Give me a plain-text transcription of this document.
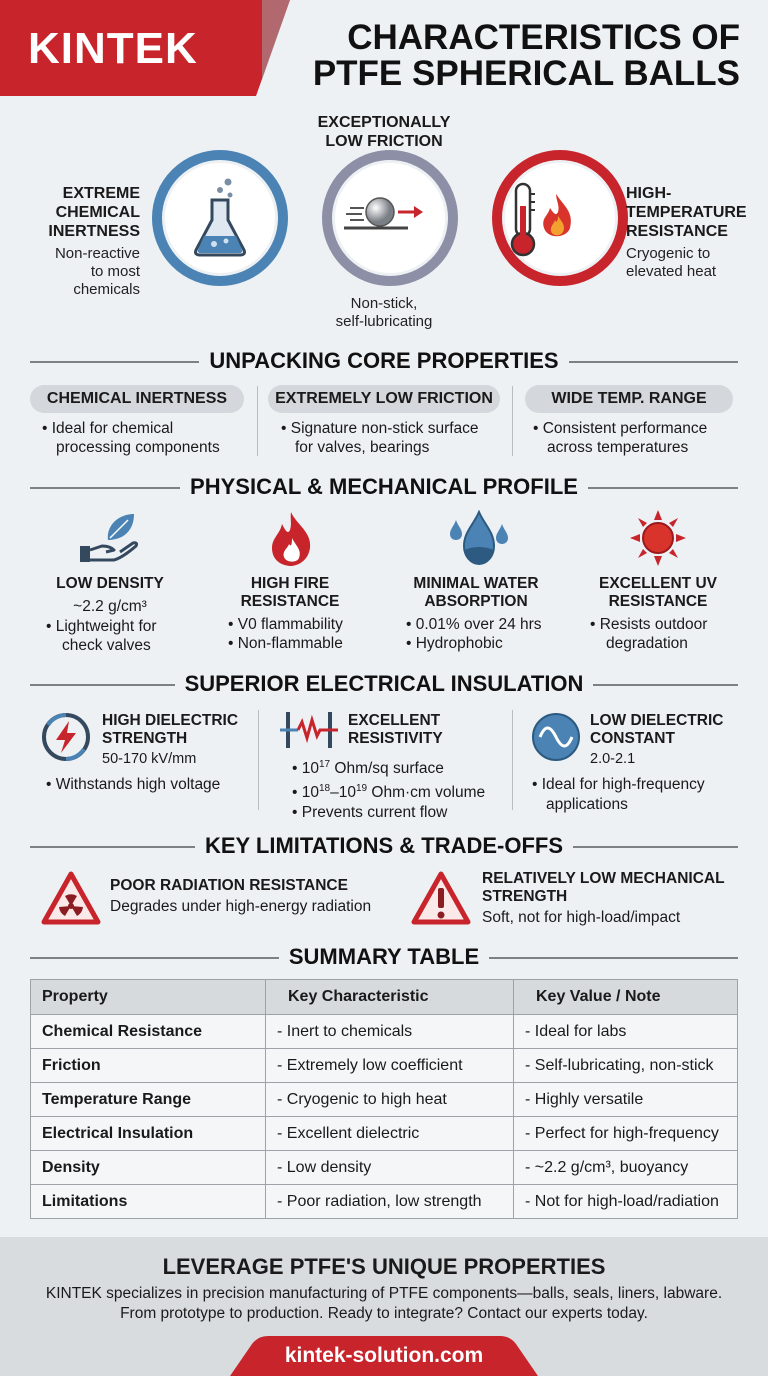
KINTEK	CHARACTERISTICS OF
PTFE SPHERICAL BALLS
EXTREME
CHEMICAL
INERTNESS
Non-reactive
to most
chemicals
EXCEPTIONALLY
LOW FRICTION
Non-stick,
self-lubricating
HIGH-
TEMPERATURE
RESISTANCE
Cryogenic to
elevated heat
UNPACKING CORE PROPERTIES
CHEMICAL INERTNESS	EXTREMELY LOW FRICTION	WIDE TEMP. RANGE
• Ideal for chemical
processing components
• Signature non-stick surface
for valves, bearings
• Consistent performance
across temperatures
PHYSICAL & MECHANICAL PROFILE
LOW DENSITY
~2.2 g/cm³
• Lightweight for
check valves
HIGH FIRE
RESISTANCE
• V0 flammability
• Non-flammable
MINIMAL WATER
ABSORPTION
• 0.01% over 24 hrs
• Hydrophobic
EXCELLENT UV
RESISTANCE
• Resists outdoor
degradation
SUPERIOR ELECTRICAL INSULATION
HIGH DIELECTRIC
STRENGTH
50-170 kV/mm
• Withstands high voltage
EXCELLENT
RESISTIVITY
• $10^{17}$ Ohm/sq surface
• $10^{18}-10^{19}$ Ohm·cm volume
• Prevents current flow
LOW DIELECTRIC
CONSTANT
2.0-2.1
• Ideal for high-frequency
applications
KEY LIMITATIONS & TRADE-OFFS
POOR RADIATION RESISTANCE
Degrades under high-energy radiation
RELATIVELY LOW MECHANICAL
STRENGTH
Soft, not for high-load/impact
SUMMARY TABLE
Property	Key Characteristic	Key Value / Note
Chemical Resistance	- Inert to chemicals	- Ideal for labs
Friction	- Extremely low coefficient	- Self-lubricating, non-stick
Temperature Range	- Cryogenic to high heat	- Highly versatile
Electrical Insulation	- Excellent dielectric	- Perfect for high-frequency
Density	- Low density	- ~2.2 g/cm³, buoyancy
Limitations	- Poor radiation, low strength	- Not for high-load/radiation
LEVERAGE PTFE'S UNIQUE PROPERTIES
KINTEK specializes in precision manufacturing of PTFE components—balls, seals, liners, labware.
From prototype to production. Ready to integrate? Contact our experts today.
kintek-solution.com
